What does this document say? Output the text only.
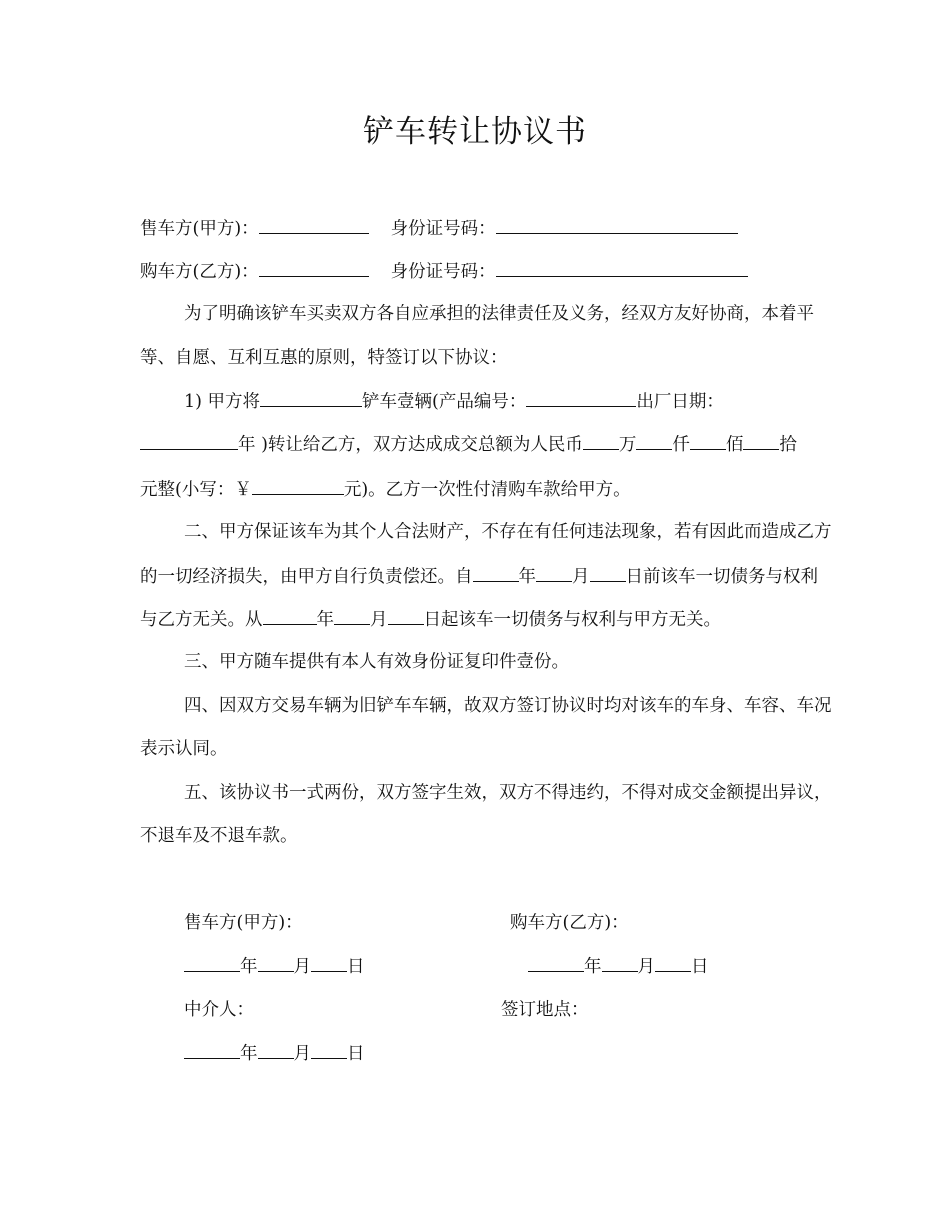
铲车转让协议书
售车方(甲方)：	身份证号码：
购车方(乙方)：	身份证号码：
为了明确该铲车买卖双方各自应承担的法律责任及义务，经双方友好协商，本着平
等、自愿、互利互惠的原则，特签订以下协议：
1) 甲方将	铲车壹辆(产品编号：	出厂日期：
年 )转让给乙方，双方达成成交总额为人民币 万 仟 佰 拾
元整(小写：￥	元)。乙方一次性付清购车款给甲方。
二、甲方保证该车为其个人合法财产，不存在有任何违法现象，若有因此而造成乙方
的一切经济损失，由甲方自行负责偿还。自	年 月 日前该车一切债务与权利
与乙方无关。从	年 月 日起该车一切债务与权利与甲方无关。
三、甲方随车提供有本人有效身份证复印件壹份。
四、因双方交易车辆为旧铲车车辆，故双方签订协议时均对该车的车身、车容、车况
表示认同。
五、该协议书一式两份，双方签字生效，双方不得违约，不得对成交金额提出异议，
不退车及不退车款。
售车方(甲方)：	购车方(乙方)：
年 月 日	年 月 日
中介人：	签订地点：
年 月 日
